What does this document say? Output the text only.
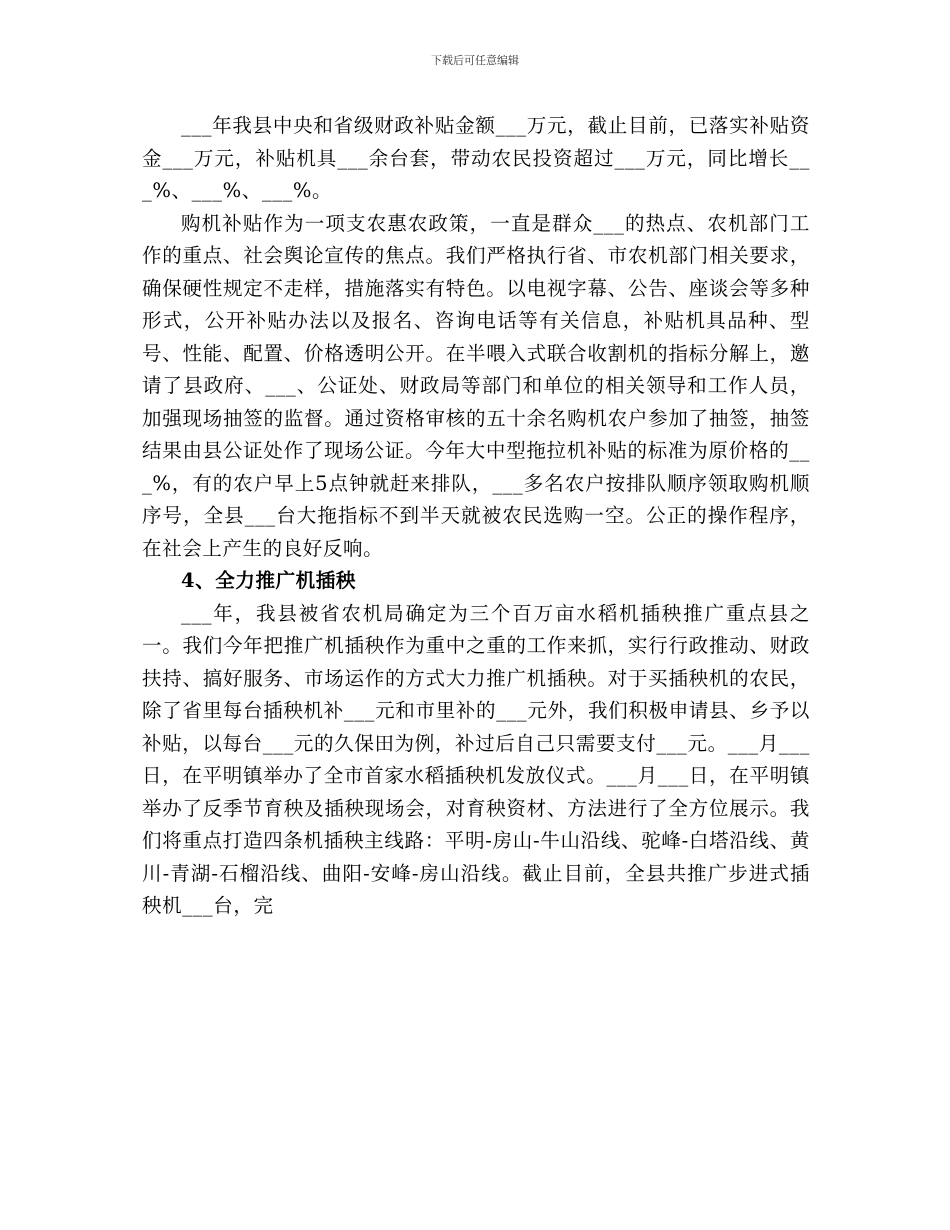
下载后可任意编辑

___年我县中央和省级财政补贴金额___万元，截止目前，已落实补贴资金___万元，补贴机具___余台套，带动农民投资超过___万元，同比增长___%、___%、___%。

购机补贴作为一项支农惠农政策，一直是群众___的热点、农机部门工作的重点、社会舆论宣传的焦点。我们严格执行省、市农机部门相关要求，确保硬性规定不走样，措施落实有特色。以电视字幕、公告、座谈会等多种形式，公开补贴办法以及报名、咨询电话等有关信息，补贴机具品种、型号、性能、配置、价格透明公开。在半喂入式联合收割机的指标分解上，邀请了县政府、___、公证处、财政局等部门和单位的相关领导和工作人员，加强现场抽签的监督。通过资格审核的五十余名购机农户参加了抽签，抽签结果由县公证处作了现场公证。今年大中型拖拉机补贴的标准为原价格的___%，有的农户早上5点钟就赶来排队，___多名农户按排队顺序领取购机顺序号，全县___台大拖指标不到半天就被农民选购一空。公正的操作程序，在社会上产生的良好反响。

4、全力推广机插秧

___年，我县被省农机局确定为三个百万亩水稻机插秧推广重点县之一。我们今年把推广机插秧作为重中之重的工作来抓，实行行政推动、财政扶持、搞好服务、市场运作的方式大力推广机插秧。对于买插秧机的农民，除了省里每台插秧机补___元和市里补的___元外，我们积极申请县、乡予以补贴，以每台___元的久保田为例，补过后自己只需要支付___元。___月___日，在平明镇举办了全市首家水稻插秧机发放仪式。___月___日，在平明镇举办了反季节育秧及插秧现场会，对育秧资材、方法进行了全方位展示。我们将重点打造四条机插秧主线路：平明-房山-牛山沿线、驼峰-白塔沿线、黄川-青湖-石榴沿线、曲阳-安峰-房山沿线。截止目前，全县共推广步进式插秧机___台，完
